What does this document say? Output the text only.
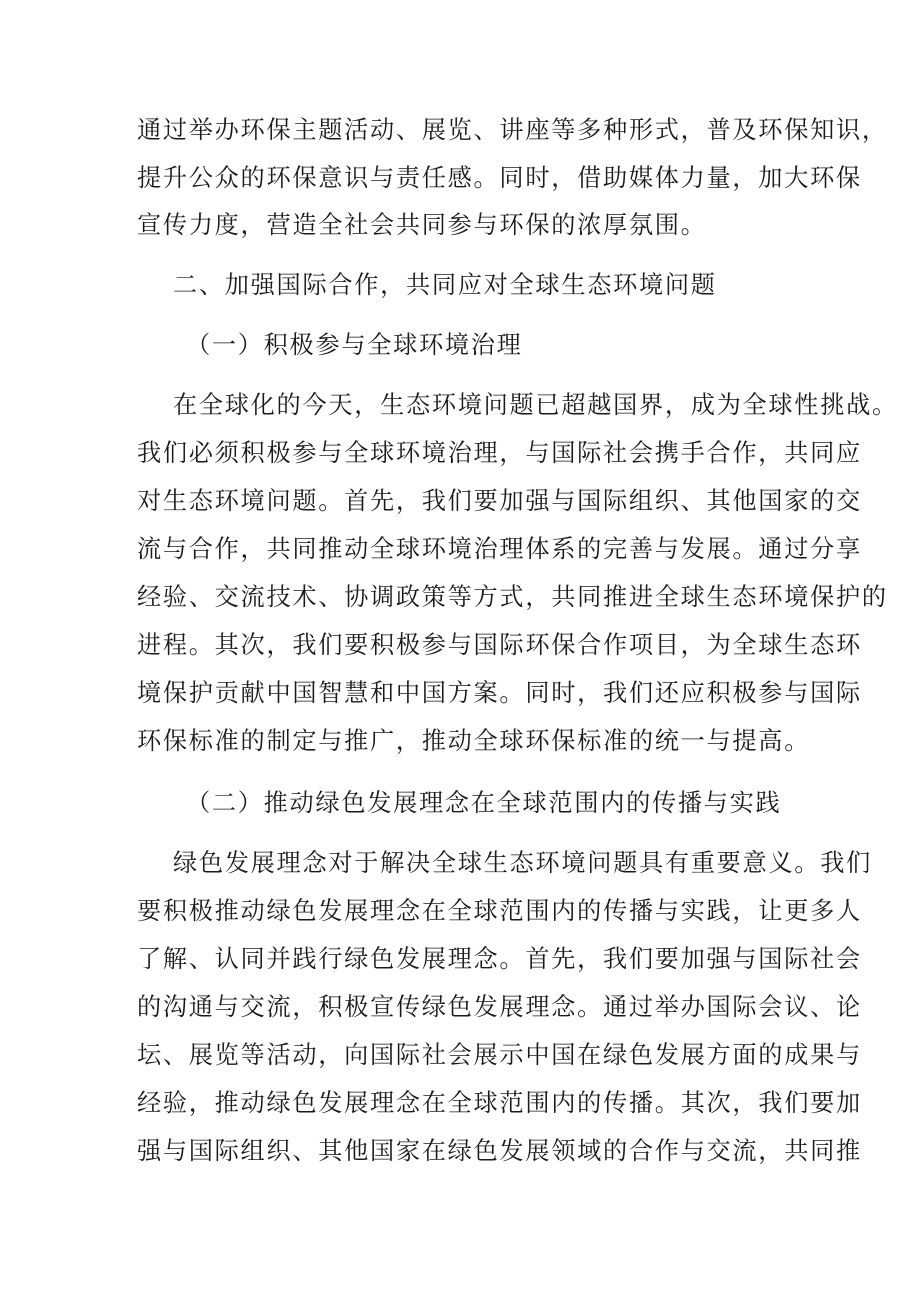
通过举办环保主题活动、展览、讲座等多种形式，普及环保知识，
提升公众的环保意识与责任感。同时，借助媒体力量，加大环保
宣传力度，营造全社会共同参与环保的浓厚氛围。
二、加强国际合作，共同应对全球生态环境问题
（一）积极参与全球环境治理
在全球化的今天，生态环境问题已超越国界，成为全球性挑战。
我们必须积极参与全球环境治理，与国际社会携手合作，共同应
对生态环境问题。首先，我们要加强与国际组织、其他国家的交
流与合作，共同推动全球环境治理体系的完善与发展。通过分享
经验、交流技术、协调政策等方式，共同推进全球生态环境保护的
进程。其次，我们要积极参与国际环保合作项目，为全球生态环
境保护贡献中国智慧和中国方案。同时，我们还应积极参与国际
环保标准的制定与推广，推动全球环保标准的统一与提高。
（二）推动绿色发展理念在全球范围内的传播与实践
绿色发展理念对于解决全球生态环境问题具有重要意义。我们
要积极推动绿色发展理念在全球范围内的传播与实践，让更多人
了解、认同并践行绿色发展理念。首先，我们要加强与国际社会
的沟通与交流，积极宣传绿色发展理念。通过举办国际会议、论
坛、展览等活动，向国际社会展示中国在绿色发展方面的成果与
经验，推动绿色发展理念在全球范围内的传播。其次，我们要加
强与国际组织、其他国家在绿色发展领域的合作与交流，共同推
